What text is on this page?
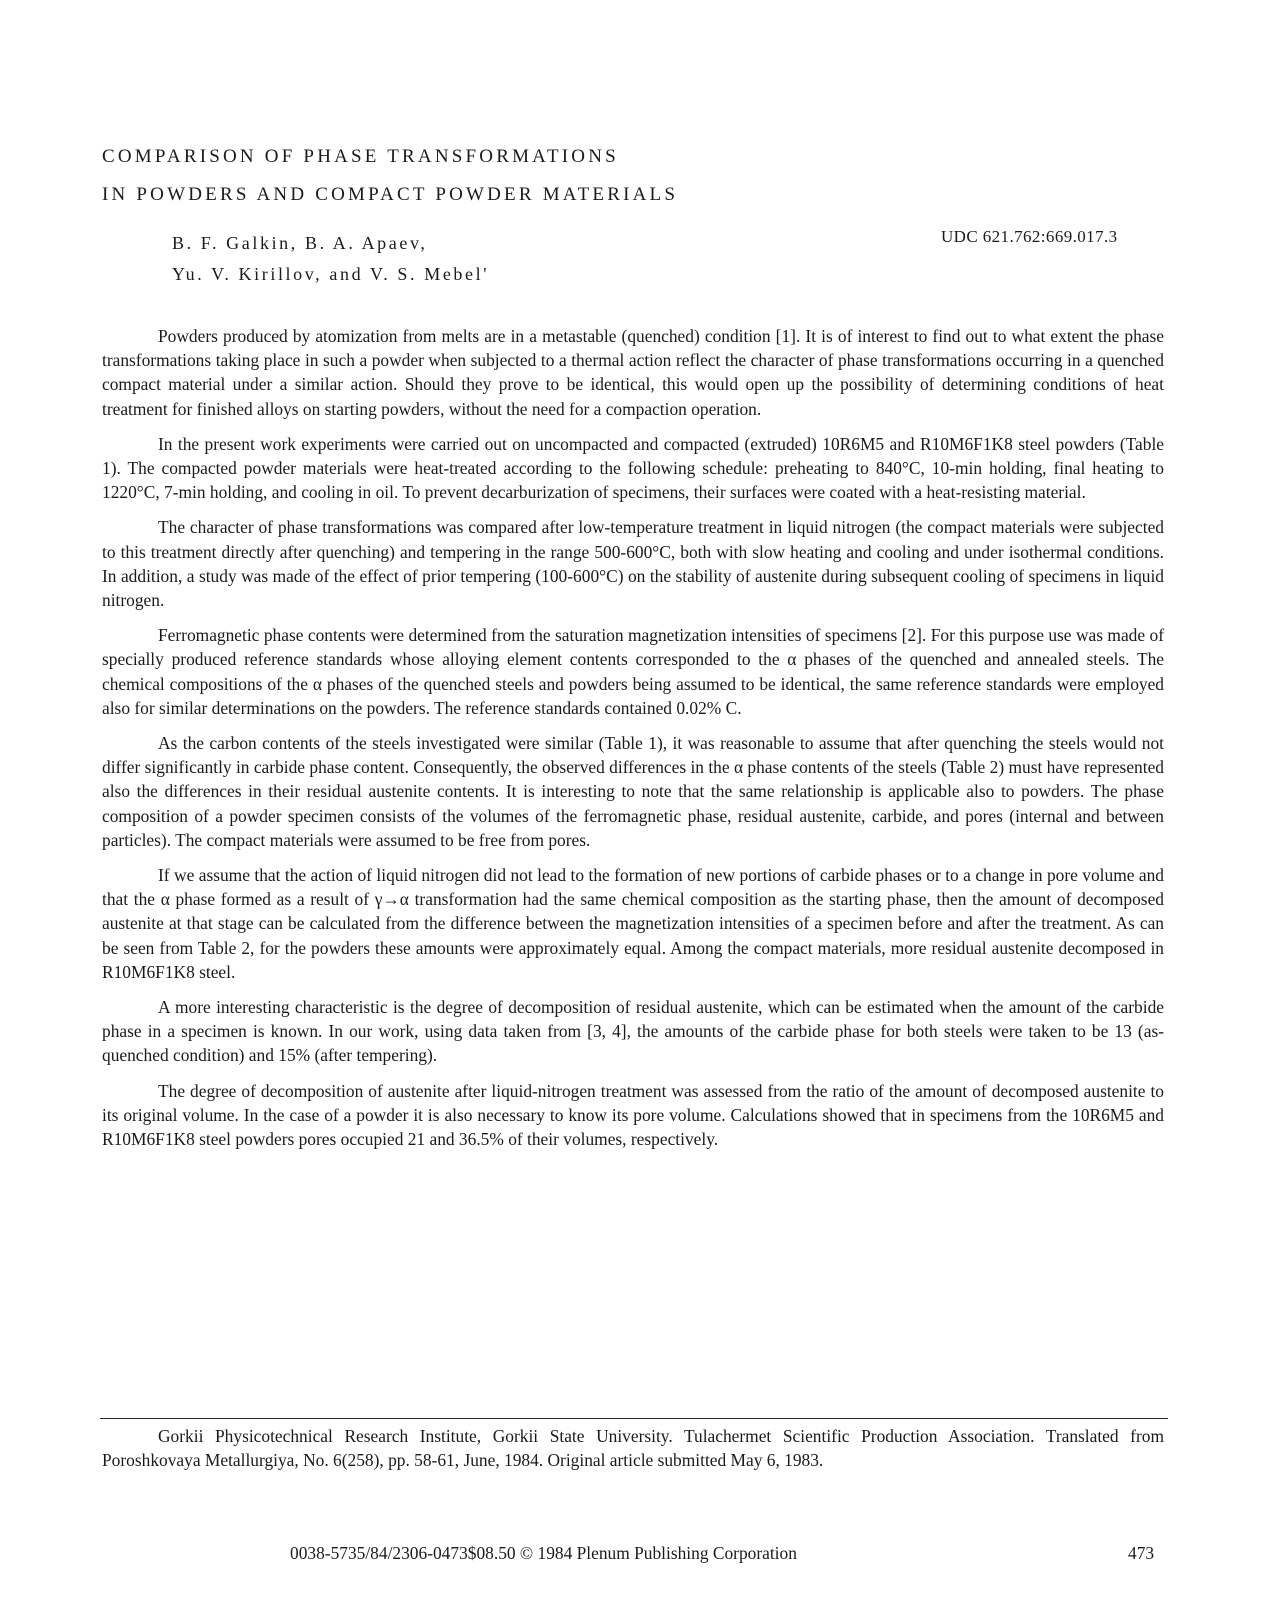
COMPARISON OF PHASE TRANSFORMATIONS
IN POWDERS AND COMPACT POWDER MATERIALS
B. F. Galkin, B. A. Apaev,
Yu. V. Kirillov, and V. S. Mebel'
UDC 621.762:669.017.3

Powders produced by atomization from melts are in a metastable (quenched) condition [1]. It is of interest to find out to what extent the phase transformations taking place in such a powder when subjected to a thermal action reflect the character of phase transformations occurring in a quenched compact material under a similar action. Should they prove to be identical, this would open up the possibility of determining conditions of heat treatment for finished alloys on starting powders, without the need for a compaction operation.

In the present work experiments were carried out on uncompacted and compacted (extruded) 10R6M5 and R10M6F1K8 steel powders (Table 1). The compacted powder materials were heat-treated according to the following schedule: preheating to 840°C, 10-min holding, final heating to 1220°C, 7-min holding, and cooling in oil. To prevent decarburization of specimens, their surfaces were coated with a heat-resisting material.

The character of phase transformations was compared after low-temperature treatment in liquid nitrogen (the compact materials were subjected to this treatment directly after quenching) and tempering in the range 500-600°C, both with slow heating and cooling and under isothermal conditions. In addition, a study was made of the effect of prior tempering (100-600°C) on the stability of austenite during subsequent cooling of specimens in liquid nitrogen.

Ferromagnetic phase contents were determined from the saturation magnetization intensities of specimens [2]. For this purpose use was made of specially produced reference standards whose alloying element contents corresponded to the α phases of the quenched and annealed steels. The chemical compositions of the α phases of the quenched steels and powders being assumed to be identical, the same reference standards were employed also for similar determinations on the powders. The reference standards contained 0.02% C.

As the carbon contents of the steels investigated were similar (Table 1), it was reasonable to assume that after quenching the steels would not differ significantly in carbide phase content. Consequently, the observed differences in the α phase contents of the steels (Table 2) must have represented also the differences in their residual austenite contents. It is interesting to note that the same relationship is applicable also to powders. The phase composition of a powder specimen consists of the volumes of the ferromagnetic phase, residual austenite, carbide, and pores (internal and between particles). The compact materials were assumed to be free from pores.

If we assume that the action of liquid nitrogen did not lead to the formation of new portions of carbide phases or to a change in pore volume and that the α phase formed as a result of γ→α transformation had the same chemical composition as the starting phase, then the amount of decomposed austenite at that stage can be calculated from the difference between the magnetization intensities of a specimen before and after the treatment. As can be seen from Table 2, for the powders these amounts were approximately equal. Among the compact materials, more residual austenite decomposed in R10M6F1K8 steel.

A more interesting characteristic is the degree of decomposition of residual austenite, which can be estimated when the amount of the carbide phase in a specimen is known. In our work, using data taken from [3, 4], the amounts of the carbide phase for both steels were taken to be 13 (as-quenched condition) and 15% (after tempering).

The degree of decomposition of austenite after liquid-nitrogen treatment was assessed from the ratio of the amount of decomposed austenite to its original volume. In the case of a powder it is also necessary to know its pore volume. Calculations showed that in specimens from the 10R6M5 and R10M6F1K8 steel powders pores occupied 21 and 36.5% of their volumes, respectively.

Gorkii Physicotechnical Research Institute, Gorkii State University. Tulachermet Scientific Production Association. Translated from Poroshkovaya Metallurgiya, No. 6(258), pp. 58-61, June, 1984. Original article submitted May 6, 1983.
0038-5735/84/2306-0473$08.50 © 1984 Plenum Publishing Corporation	473
